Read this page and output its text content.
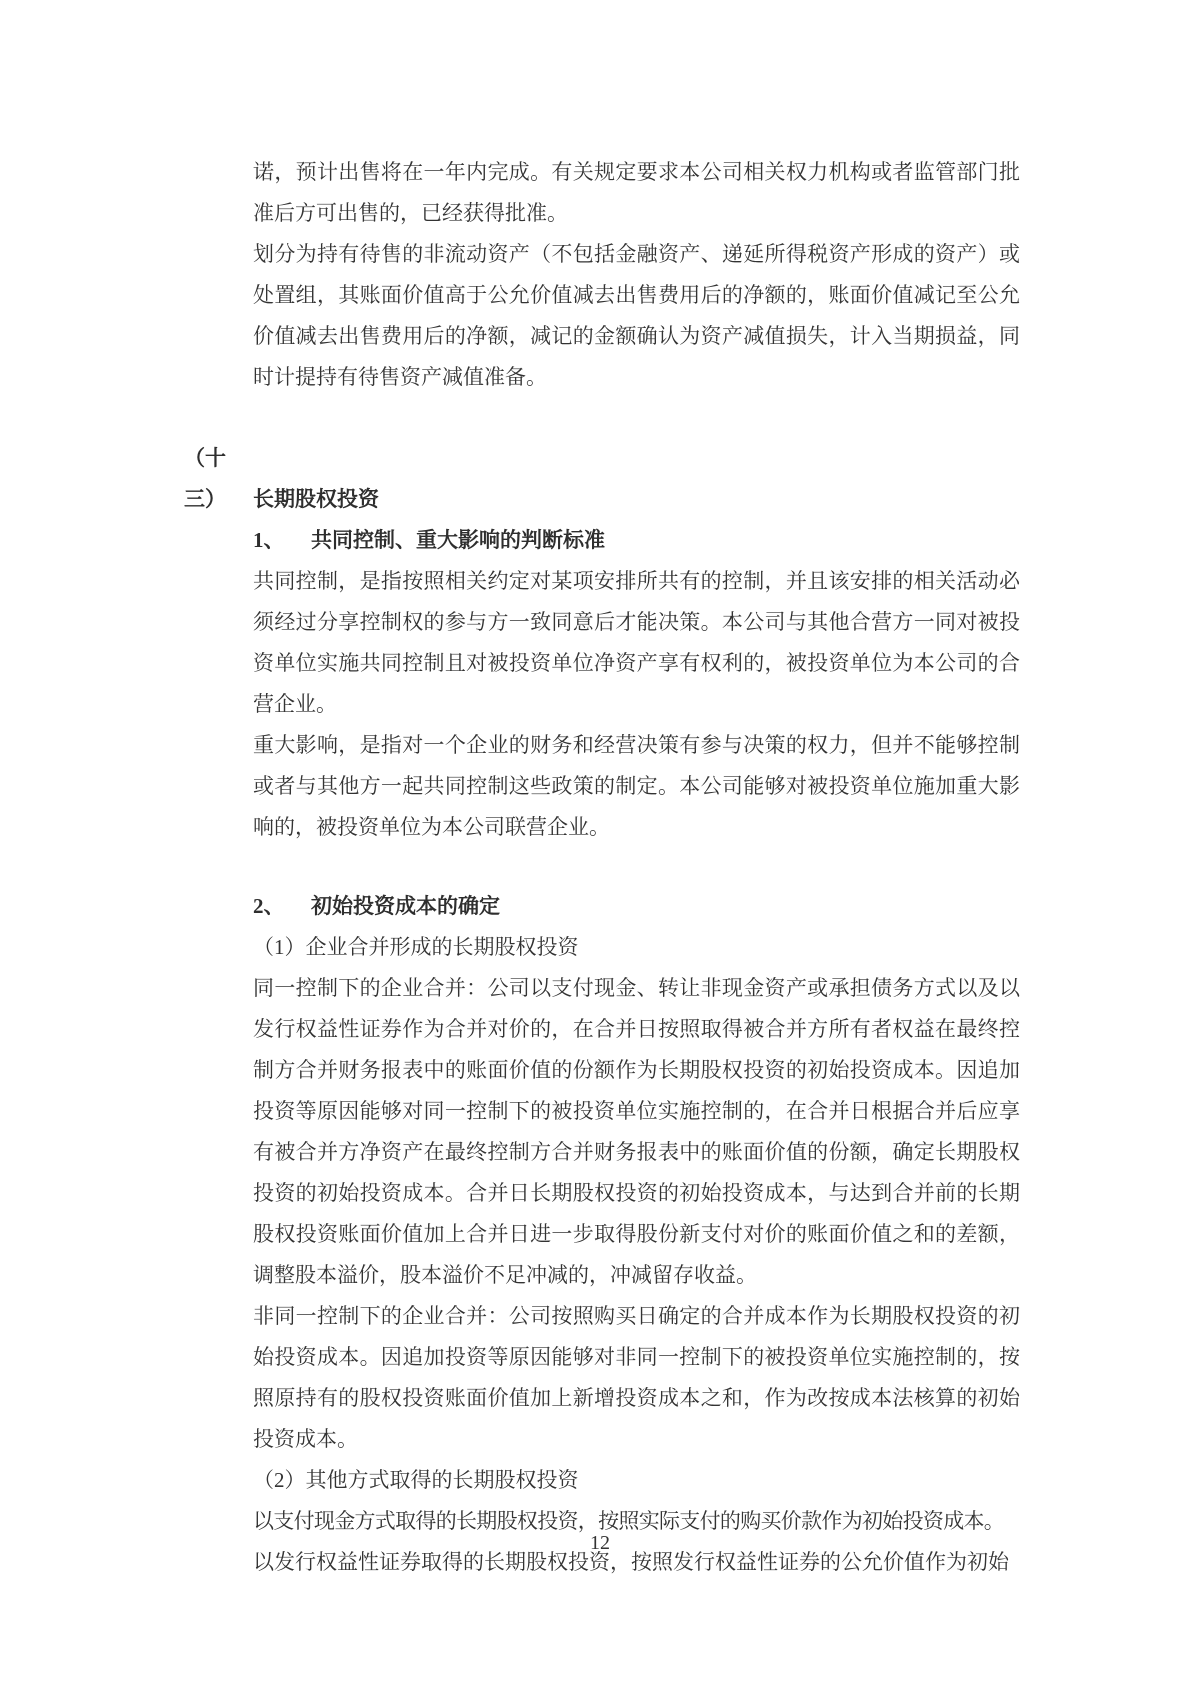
诺，预计出售将在一年内完成。有关规定要求本公司相关权力机构或者监管部门批准后方可出售的，已经获得批准。

划分为持有待售的非流动资产（不包括金融资产、递延所得税资产形成的资产）或处置组，其账面价值高于公允价值减去出售费用后的净额的，账面价值减记至公允价值减去出售费用后的净额，减记的金额确认为资产减值损失，计入当期损益，同时计提持有待售资产减值准备。

（十三） 长期股权投资
1、 共同控制、重大影响的判断标准

共同控制，是指按照相关约定对某项安排所共有的控制，并且该安排的相关活动必须经过分享控制权的参与方一致同意后才能决策。本公司与其他合营方一同对被投资单位实施共同控制且对被投资单位净资产享有权利的，被投资单位为本公司的合营企业。

重大影响，是指对一个企业的财务和经营决策有参与决策的权力，但并不能够控制或者与其他方一起共同控制这些政策的制定。本公司能够对被投资单位施加重大影响的，被投资单位为本公司联营企业。

2、 初始投资成本的确定

（1）企业合并形成的长期股权投资

同一控制下的企业合并：公司以支付现金、转让非现金资产或承担债务方式以及以发行权益性证券作为合并对价的，在合并日按照取得被合并方所有者权益在最终控制方合并财务报表中的账面价值的份额作为长期股权投资的初始投资成本。因追加投资等原因能够对同一控制下的被投资单位实施控制的，在合并日根据合并后应享有被合并方净资产在最终控制方合并财务报表中的账面价值的份额，确定长期股权投资的初始投资成本。合并日长期股权投资的初始投资成本，与达到合并前的长期股权投资账面价值加上合并日进一步取得股份新支付对价的账面价值之和的差额，调整股本溢价，股本溢价不足冲减的，冲减留存收益。

非同一控制下的企业合并：公司按照购买日确定的合并成本作为长期股权投资的初始投资成本。因追加投资等原因能够对非同一控制下的被投资单位实施控制的，按照原持有的股权投资账面价值加上新增投资成本之和，作为改按成本法核算的初始投资成本。

（2）其他方式取得的长期股权投资

以支付现金方式取得的长期股权投资，按照实际支付的购买价款作为初始投资成本。

以发行权益性证券取得的长期股权投资，按照发行权益性证券的公允价值作为初始

12
